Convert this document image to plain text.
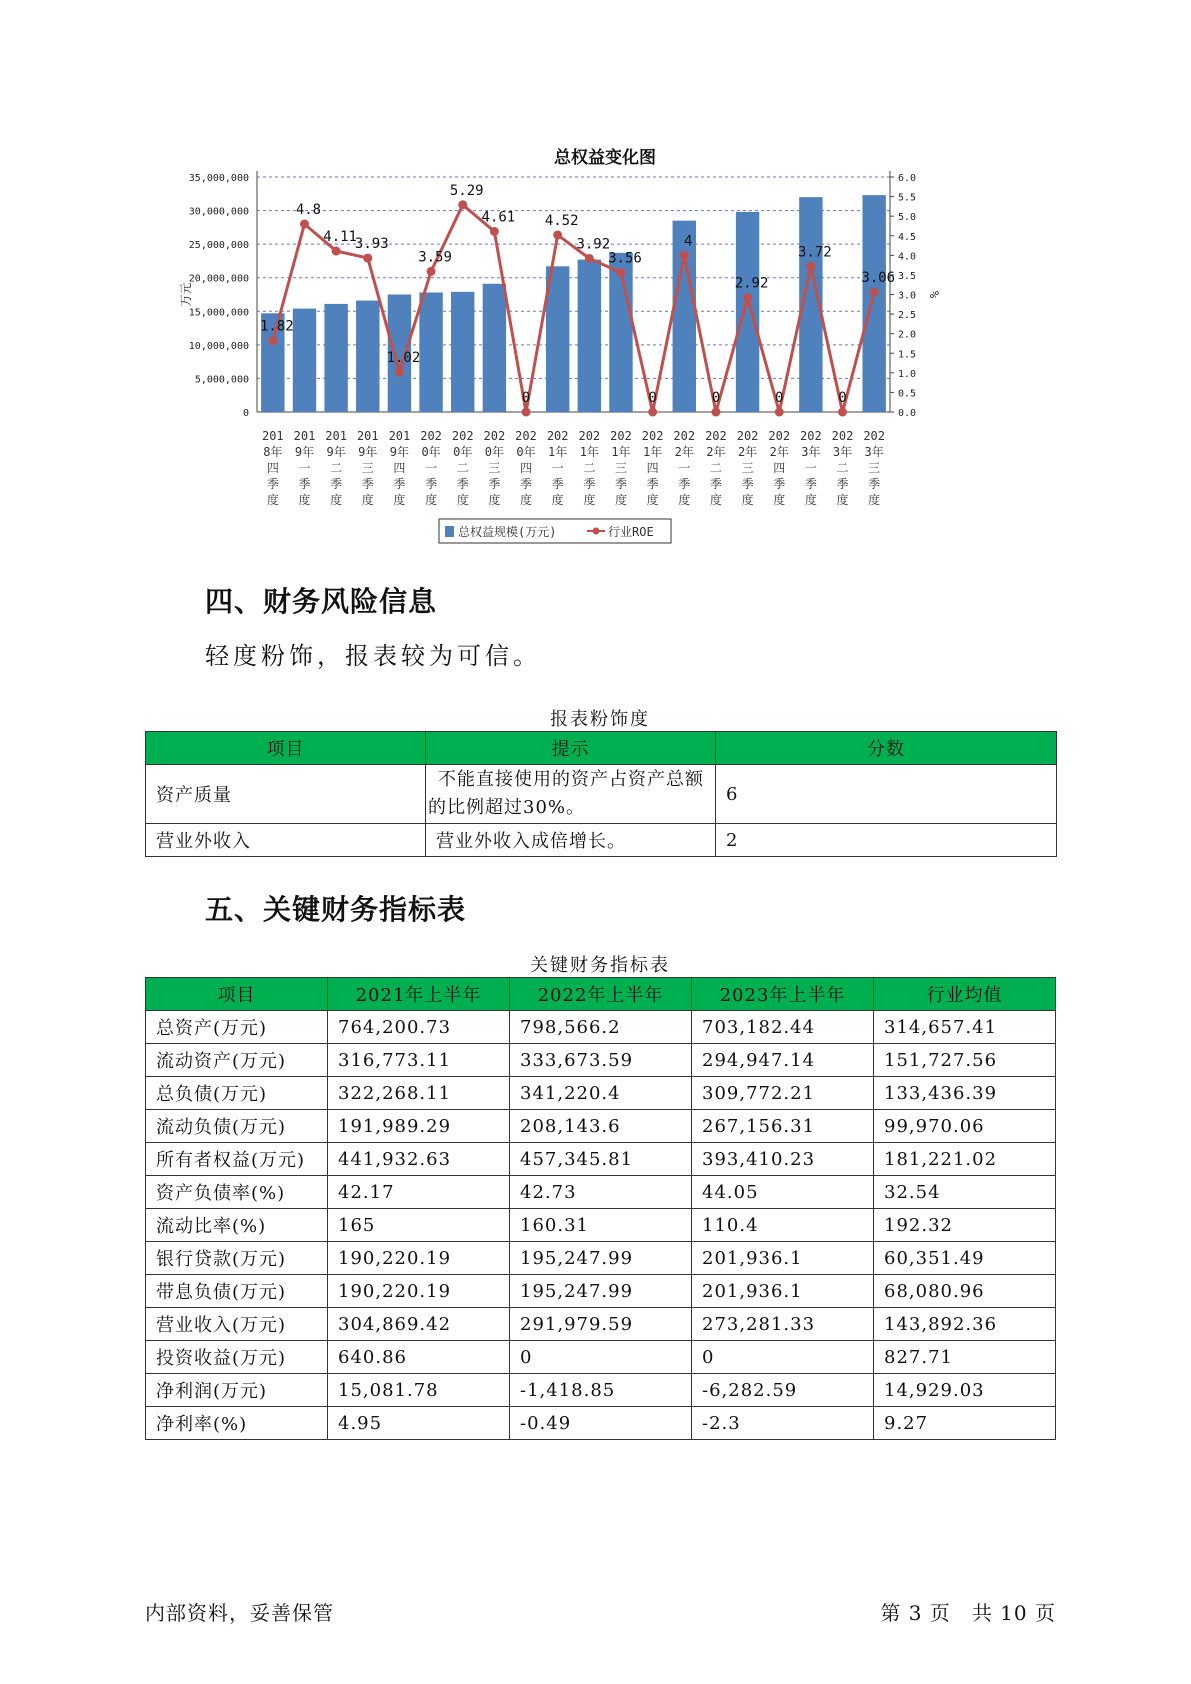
总权益变化图
0
5,000,000
10,000,000
15,000,000
20,000,000
25,000,000
30,000,000
35,000,000
0.0
0.5
1.0
1.5
2.0
2.5
3.0
3.5
4.0
4.5
5.0
5.5
6.0
万元	%
201
8年
四
季
度
201
9年
一
季
度
201
9年
二
季
度
201
9年
三
季
度
201
9年
四
季
度
202
0年
一
季
度
202
0年
二
季
度
202
0年
三
季
度
202
0年
四
季
度
202
1年
一
季
度
202
1年
二
季
度
202
1年
三
季
度
202
1年
四
季
度
202
2年
一
季
度
202
2年
二
季
度
202
2年
三
季
度
202
2年
四
季
度
202
3年
一
季
度
202
3年
二
季
度
202
3年
三
季
度
1.82
4.8
4.11
3.93
1.02
3.59
5.29
4.61
0
4.52
3.92
3.56
0
4
0
2.92
0
3.72
0
3.06
总权益规模(万元)	行业ROE
四、财务风险信息
轻度粉饰，报表较为可信。
报表粉饰度
项目	提示	分数
资产质量	不能直接使用的资产占资产总额的比例超过30%。	6
营业外收入	营业外收入成倍增长。	2
五、关键财务指标表
关键财务指标表
项目	2021年上半年	2022年上半年	2023年上半年	行业均值
总资产(万元)	764,200.73	798,566.2	703,182.44	314,657.41
流动资产(万元)	316,773.11	333,673.59	294,947.14	151,727.56
总负债(万元)	322,268.11	341,220.4	309,772.21	133,436.39
流动负债(万元)	191,989.29	208,143.6	267,156.31	99,970.06
所有者权益(万元)	441,932.63	457,345.81	393,410.23	181,221.02
资产负债率(%)	42.17	42.73	44.05	32.54
流动比率(%)	165	160.31	110.4	192.32
银行贷款(万元)	190,220.19	195,247.99	201,936.1	60,351.49
带息负债(万元)	190,220.19	195,247.99	201,936.1	68,080.96
营业收入(万元)	304,869.42	291,979.59	273,281.33	143,892.36
投资收益(万元)	640.86	0	0	827.71
净利润(万元)	15,081.78	-1,418.85	-6,282.59	14,929.03
净利率(%)	4.95	-0.49	-2.3	9.27
内部资料，妥善保管	第 3 页　共 10 页
